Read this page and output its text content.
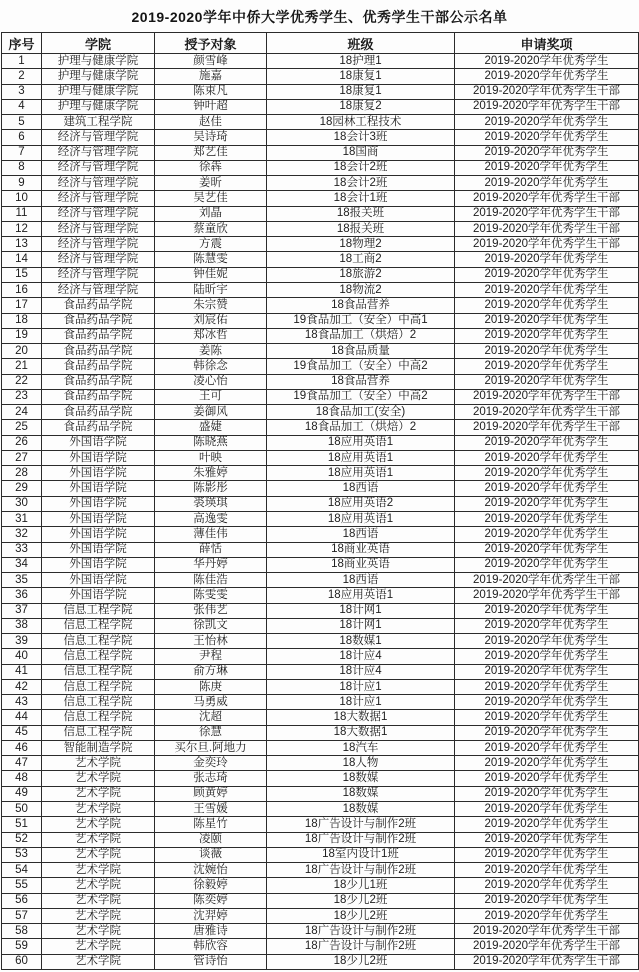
2019-2020学年中侨大学优秀学生、优秀学生干部公示名单
序号	学院	授予对象	班级	申请奖项
1	护理与健康学院	颜雪峰	18护理1	2019-2020学年优秀学生
2	护理与健康学院	施嘉	18康复1	2019-2020学年优秀学生
3	护理与健康学院	陈束凡	18康复1	2019-2020学年优秀学生干部
4	护理与健康学院	钟叶超	18康复2	2019-2020学年优秀学生干部
5	建筑工程学院	赵佳	18园林工程技术	2019-2020学年优秀学生
6	经济与管理学院	吴诗琦	18会计3班	2019-2020学年优秀学生
7	经济与管理学院	郑艺佳	18国商	2019-2020学年优秀学生
8	经济与管理学院	徐犇	18会计2班	2019-2020学年优秀学生
9	经济与管理学院	姜昕	18会计2班	2019-2020学年优秀学生
10	经济与管理学院	吴艺佳	18会计1班	2019-2020学年优秀学生干部
11	经济与管理学院	刘晶	18报关班	2019-2020学年优秀学生干部
12	经济与管理学院	蔡童欣	18报关班	2019-2020学年优秀学生干部
13	经济与管理学院	方震	18物理2	2019-2020学年优秀学生干部
14	经济与管理学院	陈慧雯	18工商2	2019-2020学年优秀学生
15	经济与管理学院	钟佳妮	18旅游2	2019-2020学年优秀学生
16	经济与管理学院	陆昕宇	18物流2	2019-2020学年优秀学生
17	食品药品学院	朱宗赞	18食品营养	2019-2020学年优秀学生
18	食品药品学院	刘宸佑	19食品加工（安全）中高1	2019-2020学年优秀学生
19	食品药品学院	郑冰哲	18食品加工（烘焙）2	2019-2020学年优秀学生
20	食品药品学院	姜陈	18食品质量	2019-2020学年优秀学生
21	食品药品学院	韩徐念	19食品加工（安全）中高2	2019-2020学年优秀学生
22	食品药品学院	凌心怡	18食品营养	2019-2020学年优秀学生
23	食品药品学院	王可	19食品加工（安全）中高2	2019-2020学年优秀学生干部
24	食品药品学院	姜御风	18食品加工(安全)	2019-2020学年优秀学生干部
25	食品药品学院	盛婕	18食品加工（烘焙）2	2019-2020学年优秀学生干部
26	外国语学院	陈晓燕	18应用英语1	2019-2020学年优秀学生
27	外国语学院	叶映	18应用英语1	2019-2020学年优秀学生
28	外国语学院	朱雅婷	18应用英语1	2019-2020学年优秀学生
29	外国语学院	陈影彤	18西语	2019-2020学年优秀学生
30	外国语学院	裘瑛琪	18应用英语2	2019-2020学年优秀学生
31	外国语学院	高逸雯	18应用英语1	2019-2020学年优秀学生
32	外国语学院	薄佳伟	18西语	2019-2020学年优秀学生
33	外国语学院	薛恬	18商业英语	2019-2020学年优秀学生
34	外国语学院	华丹婷	18商业英语	2019-2020学年优秀学生
35	外国语学院	陈佳浩	18西语	2019-2020学年优秀学生干部
36	外国语学院	陈雯雯	18应用英语1	2019-2020学年优秀学生干部
37	信息工程学院	张伟艺	18计网1	2019-2020学年优秀学生
38	信息工程学院	徐凯文	18计网1	2019-2020学年优秀学生
39	信息工程学院	王怡林	18数媒1	2019-2020学年优秀学生
40	信息工程学院	尹程	18计应4	2019-2020学年优秀学生
41	信息工程学院	俞方琳	18计应4	2019-2020学年优秀学生
42	信息工程学院	陈庚	18计应1	2019-2020学年优秀学生
43	信息工程学院	马勇威	18计应1	2019-2020学年优秀学生
44	信息工程学院	沈超	18大数据1	2019-2020学年优秀学生
45	信息工程学院	徐慧	18大数据1	2019-2020学年优秀学生
46	智能制造学院	买尔旦.阿地力	18汽车	2019-2020学年优秀学生
47	艺术学院	金奕玲	18人物	2019-2020学年优秀学生
48	艺术学院	张志琦	18数媒	2019-2020学年优秀学生
49	艺术学院	顾黄婷	18数媒	2019-2020学年优秀学生
50	艺术学院	王雪媛	18数媒	2019-2020学年优秀学生
51	艺术学院	陈星竹	18广告设计与制作2班	2019-2020学年优秀学生
52	艺术学院	凌颐	18广告设计与制作2班	2019-2020学年优秀学生
53	艺术学院	谈薇	18室内设计1班	2019-2020学年优秀学生
54	艺术学院	沈婉怡	18广告设计与制作2班	2019-2020学年优秀学生
55	艺术学院	徐毅婷	18少儿1班	2019-2020学年优秀学生
56	艺术学院	陈奕婷	18少儿2班	2019-2020学年优秀学生
57	艺术学院	沈羿婷	18少儿2班	2019-2020学年优秀学生
58	艺术学院	唐雅诗	18广告设计与制作2班	2019-2020学年优秀学生干部
59	艺术学院	韩欣容	18广告设计与制作2班	2019-2020学年优秀学生干部
60	艺术学院	管诗怡	18少儿2班	2019-2020学年优秀学生干部
